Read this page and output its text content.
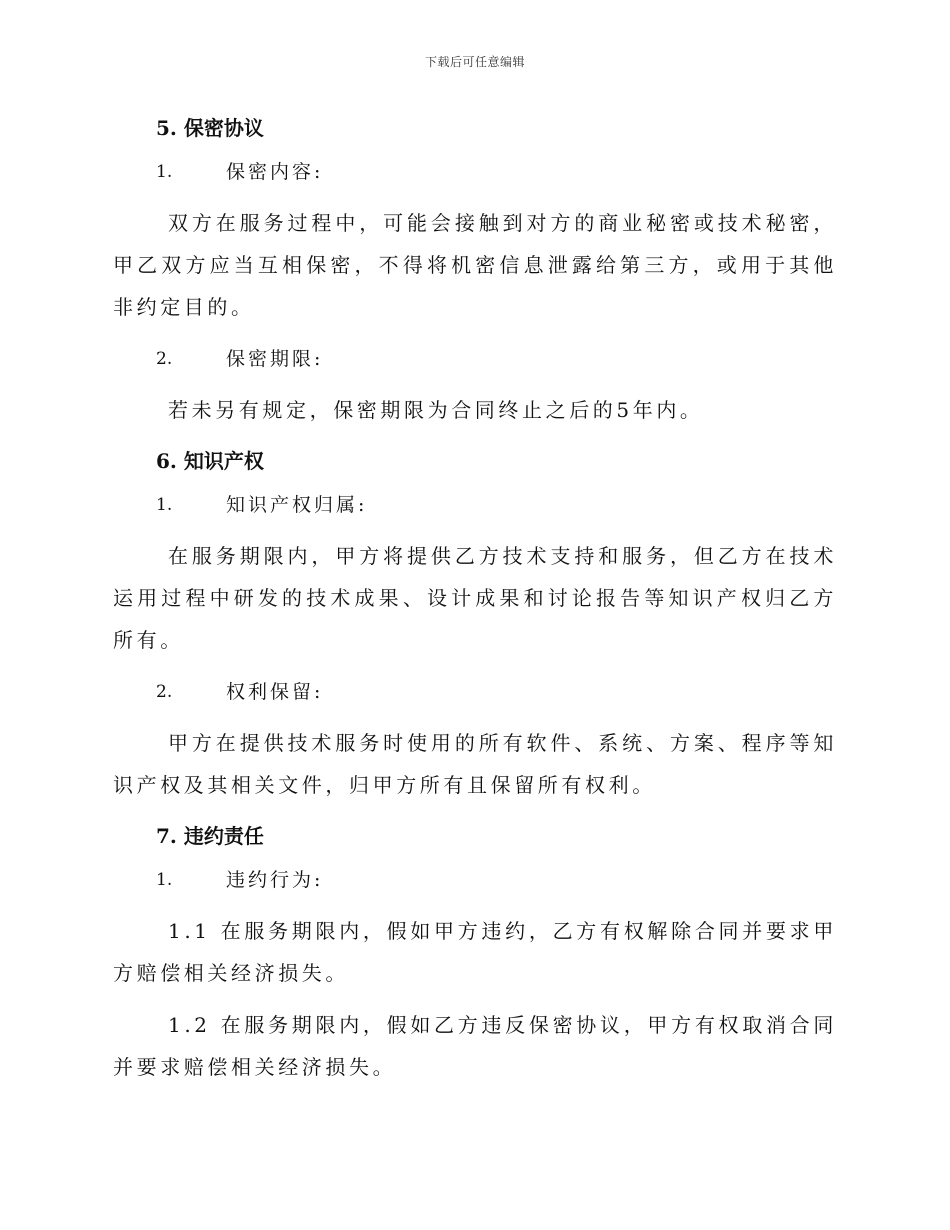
下载后可任意编辑
5. 保密协议
1.	保密内容:

双方在服务过程中，可能会接触到对方的商业秘密或技术秘密，甲乙双方应当互相保密，不得将机密信息泄露给第三方，或用于其他非约定目的。

2.	保密期限:

若未另有规定，保密期限为合同终止之后的5年内。

6. 知识产权
1.	知识产权归属:

在服务期限内，甲方将提供乙方技术支持和服务，但乙方在技术运用过程中研发的技术成果、设计成果和讨论报告等知识产权归乙方所有。

2.	权利保留:

甲方在提供技术服务时使用的所有软件、系统、方案、程序等知识产权及其相关文件，归甲方所有且保留所有权利。

7. 违约责任
1.	违约行为:

1.1 在服务期限内，假如甲方违约，乙方有权解除合同并要求甲方赔偿相关经济损失。

1.2 在服务期限内，假如乙方违反保密协议，甲方有权取消合同并要求赔偿相关经济损失。
